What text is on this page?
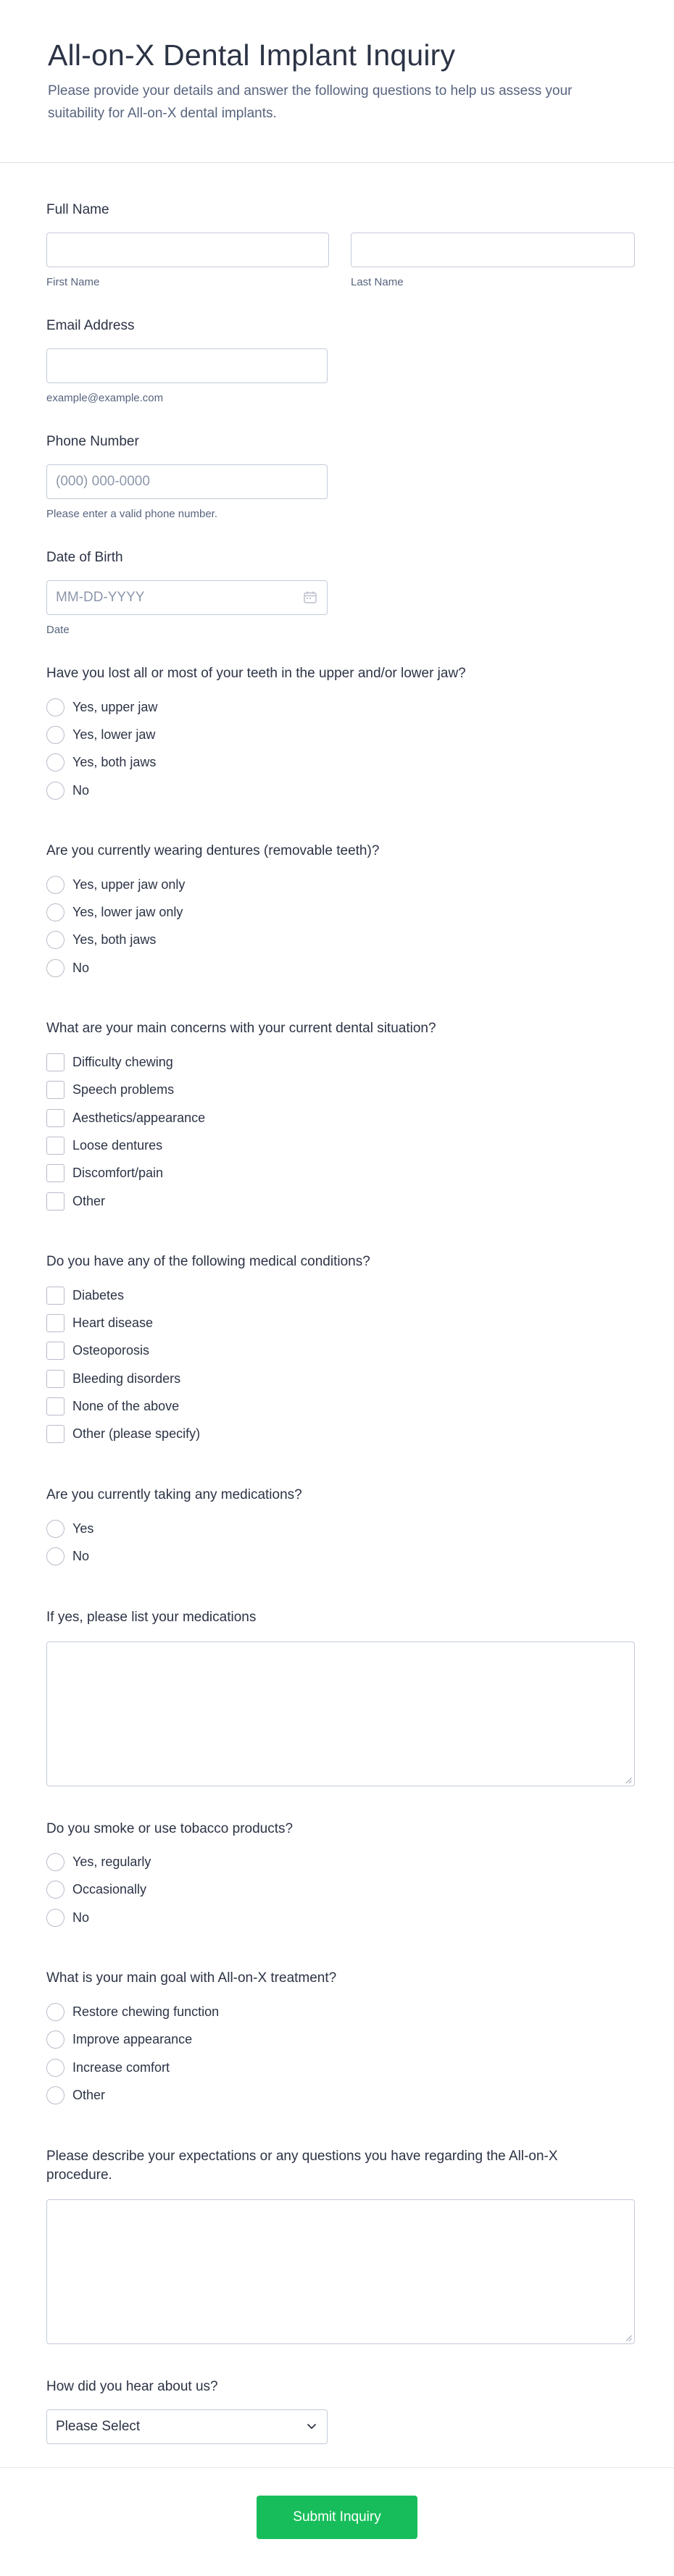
All-on-X Dental Implant Inquiry

Please provide your details and answer the following questions to help us assess your suitability for All-on-X dental implants.

Full Name
First Name	Last Name
Email Address
example@example.com
Phone Number
(000) 000-0000
Please enter a valid phone number.
Date of Birth
MM-DD-YYYY
Date
Have you lost all or most of your teeth in the upper and/or lower jaw?
Yes, upper jaw
Yes, lower jaw
Yes, both jaws
No
Are you currently wearing dentures (removable teeth)?
Yes, upper jaw only
Yes, lower jaw only
Yes, both jaws
No
What are your main concerns with your current dental situation?
Difficulty chewing
Speech problems
Aesthetics/appearance
Loose dentures
Discomfort/pain
Other
Do you have any of the following medical conditions?
Diabetes
Heart disease
Osteoporosis
Bleeding disorders
None of the above
Other (please specify)
Are you currently taking any medications?
Yes
No
If yes, please list your medications
Do you smoke or use tobacco products?
Yes, regularly
Occasionally
No
What is your main goal with All-on-X treatment?
Restore chewing function
Improve appearance
Increase comfort
Other
Please describe your expectations or any questions you have regarding the All-on-X procedure.
How did you hear about us?
Please Select
Submit Inquiry
